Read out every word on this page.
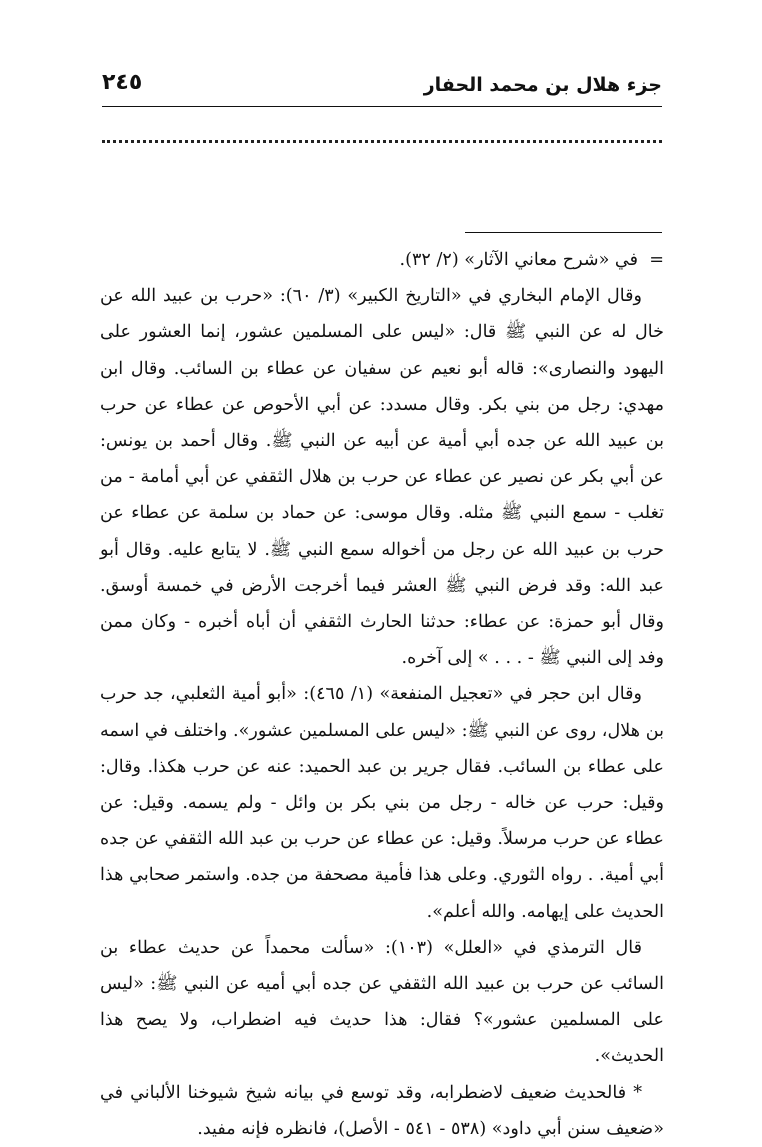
جزء هلال بن محمد الحفار
٢٤٥

=في «شرح معاني الآثار» (٢/ ٣٢).

وقال الإمام البخاري في «التاريخ الكبير» (٣/ ٦٠): «حرب بن عبيد الله عن خال له عن النبي ﷺ قال: «ليس على المسلمين عشور، إنما العشور على اليهود والنصارى»: قاله أبو نعيم عن سفيان عن عطاء بن السائب. وقال ابن مهدي: رجل من بني بكر. وقال مسدد: عن أبي الأحوص عن عطاء عن حرب بن عبيد الله عن جده أبي أمية عن أبيه عن النبي ﷺ. وقال أحمد بن يونس: عن أبي بكر عن نصير عن عطاء عن حرب بن هلال الثقفي عن أبي أمامة - من تغلب - سمع النبي ﷺ مثله. وقال موسى: عن حماد بن سلمة عن عطاء عن حرب بن عبيد الله عن رجل من أخواله سمع النبي ﷺ. لا يتابع عليه. وقال أبو عبد الله: وقد فرض النبي ﷺ العشر فيما أخرجت الأرض في خمسة أوسق. وقال أبو حمزة: عن عطاء: حدثنا الحارث الثقفي أن أباه أخبره - وكان ممن وفد إلى النبي ﷺ - . . . » إلى آخره.

وقال ابن حجر في «تعجيل المنفعة» (١/ ٤٦٥): «أبو أمية الثعلبي، جد حرب بن هلال، روى عن النبي ﷺ: «ليس على المسلمين عشور». واختلف في اسمه على عطاء بن السائب. فقال جرير بن عبد الحميد: عنه عن حرب هكذا. وقال: وقيل: حرب عن خاله - رجل من بني بكر بن وائل - ولم يسمه. وقيل: عن عطاء عن حرب مرسلاً. وقيل: عن عطاء عن حرب بن عبد الله الثقفي عن جده أبي أمية. . رواه الثوري. وعلى هذا فأمية مصحفة من جده. واستمر صحابي هذا الحديث على إيهامه. والله أعلم».

قال الترمذي في «العلل» (١٠٣): «سألت محمداً عن حديث عطاء بن السائب عن حرب بن عبيد الله الثقفي عن جده أبي أميه عن النبي ﷺ: «ليس على المسلمين عشور»؟ فقال: هذا حديث فيه اضطراب، ولا يصح هذا الحديث».

* فالحديث ضعيف لاضطرابه، وقد توسع في بيانه شيخ شيوخنا الألباني في «ضعيف سنن أبي داود» (٥٣٨ - ٥٤١ - الأصل)، فانظره فإنه مفيد.
